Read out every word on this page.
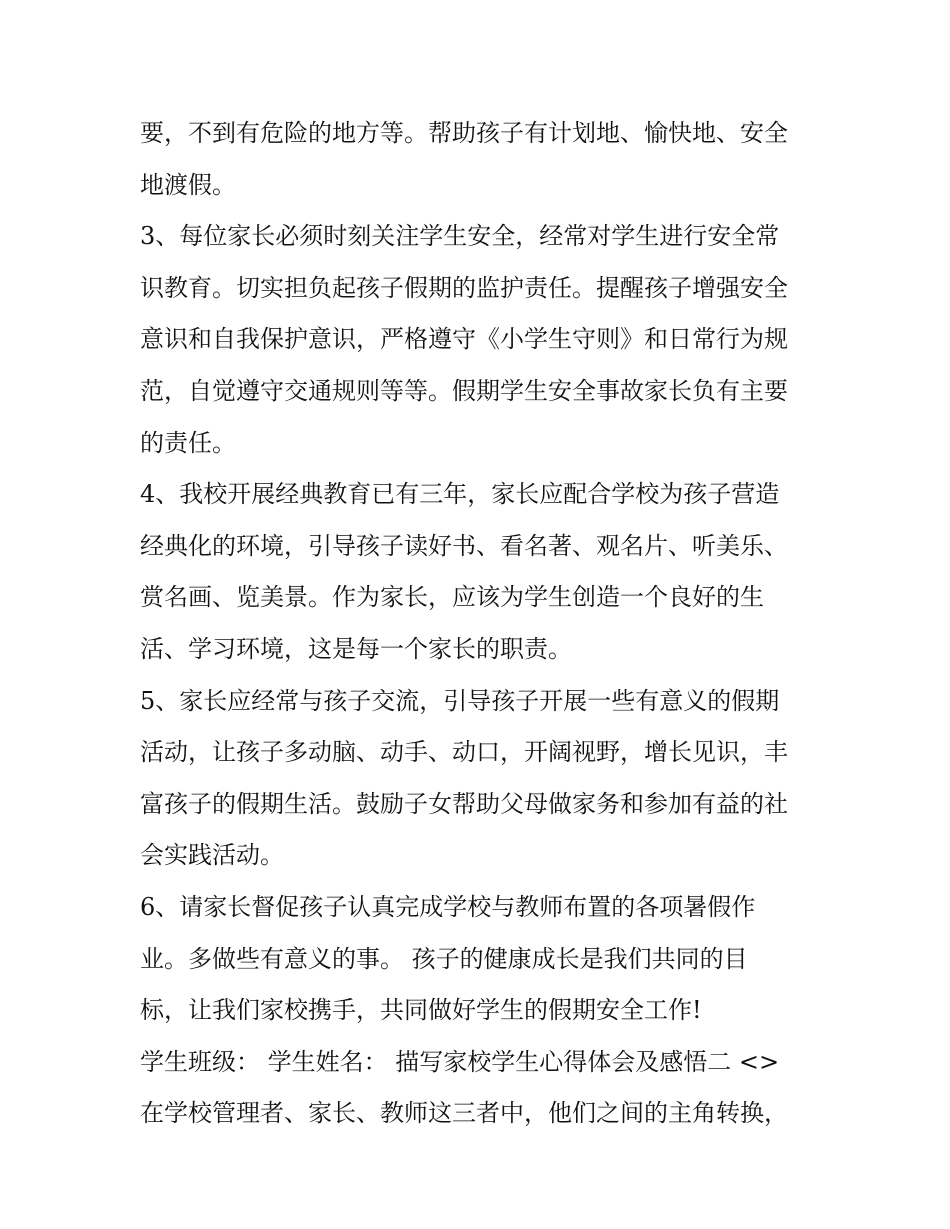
要，不到有危险的地方等。帮助孩子有计划地、愉快地、安全

地渡假。

3、每位家长必须时刻关注学生安全，经常对学生进行安全常

识教育。切实担负起孩子假期的监护责任。提醒孩子增强安全

意识和自我保护意识，严格遵守《小学生守则》和日常行为规

范，自觉遵守交通规则等等。假期学生安全事故家长负有主要

的责任。

4、我校开展经典教育已有三年，家长应配合学校为孩子营造

经典化的环境，引导孩子读好书、看名著、观名片、听美乐、

赏名画、览美景。作为家长，应该为学生创造一个良好的生

活、学习环境，这是每一个家长的职责。

5、家长应经常与孩子交流，引导孩子开展一些有意义的假期

活动，让孩子多动脑、动手、动口，开阔视野，增长见识，丰

富孩子的假期生活。鼓励子女帮助父母做家务和参加有益的社

会实践活动。

6、请家长督促孩子认真完成学校与教师布置的各项暑假作

业。多做些有意义的事。 孩子的健康成长是我们共同的目

标，让我们家校携手，共同做好学生的假期安全工作!

学生班级： 学生姓名： 描写家校学生心得体会及感悟二 <>

在学校管理者、家长、教师这三者中，他们之间的主角转换，
